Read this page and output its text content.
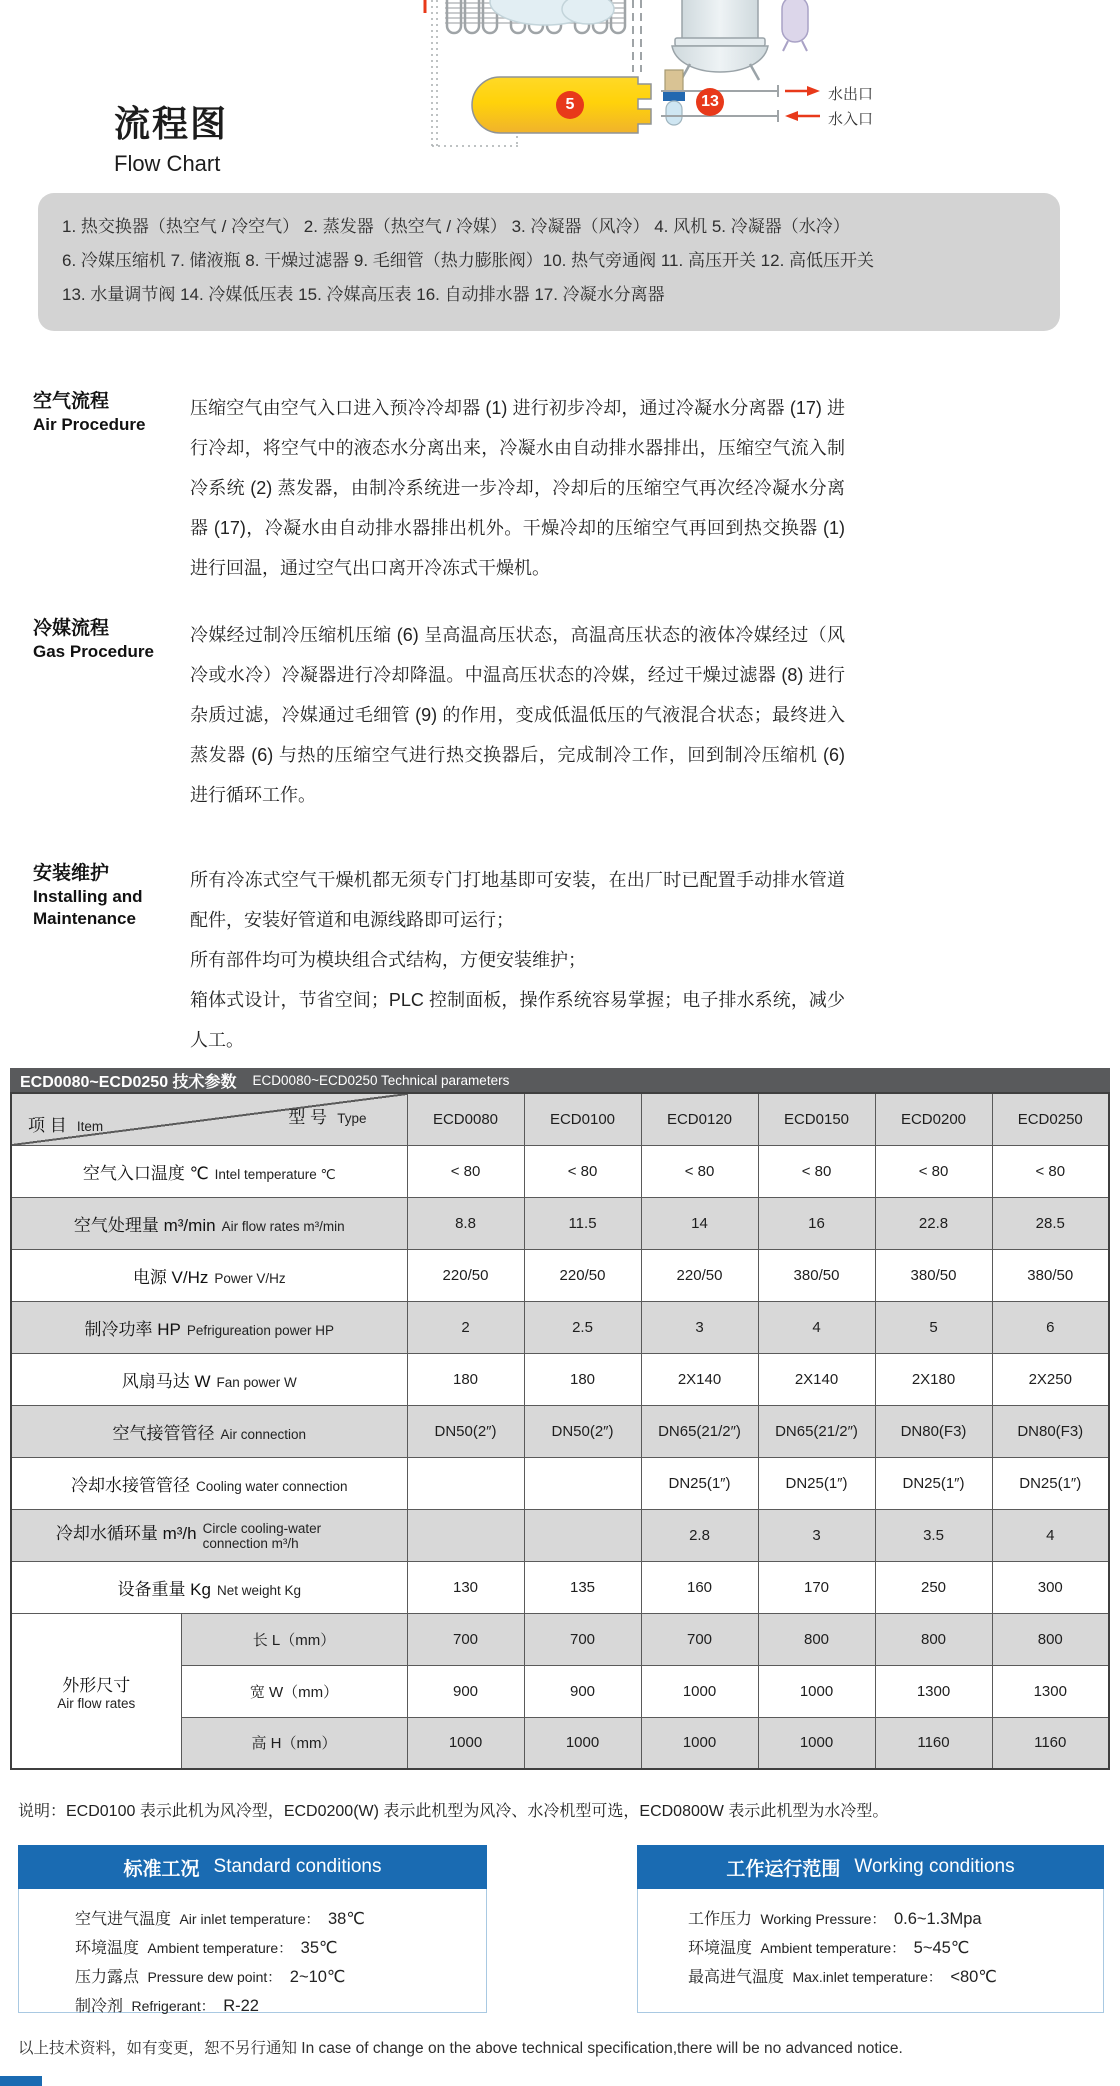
5	13	水出口
水入口
流程图
Flow Chart
1. 热交换器（热空气 / 冷空气） 2. 蒸发器（热空气 / 冷媒） 3. 冷凝器（风冷） 4. 风机 5. 冷凝器（水冷）
6. 冷媒压缩机 7. 储液瓶 8. 干燥过滤器 9. 毛细管（热力膨胀阀）10. 热气旁通阀 11. 高压开关 12. 高低压开关
13. 水量调节阀 14. 冷媒低压表 15. 冷媒高压表 16. 自动排水器 17. 冷凝水分离器
空气流程
Air Procedure
压缩空气由空气入口进入预冷冷却器 (1) 进行初步冷却，通过冷凝水分离器 (17) 进行冷却，将空气中的液态水分离出来，冷凝水由自动排水器排出，压缩空气流入制冷系统 (2) 蒸发器，由制冷系统进一步冷却，冷却后的压缩空气再次经冷凝水分离器 (17)，冷凝水由自动排水器排出机外。干燥冷却的压缩空气再回到热交换器 (1) 进行回温，通过空气出口离开冷冻式干燥机。
冷媒流程
Gas Procedure
冷媒经过制冷压缩机压缩 (6) 呈高温高压状态，高温高压状态的液体冷媒经过（风冷或水冷）冷凝器进行冷却降温。中温高压状态的冷媒，经过干燥过滤器 (8) 进行杂质过滤，冷媒通过毛细管 (9) 的作用，变成低温低压的气液混合状态；最终进入蒸发器 (6) 与热的压缩空气进行热交换器后，完成制冷工作，回到制冷压缩机 (6) 进行循环工作。
安装维护
Installing and Maintenance

所有冷冻式空气干燥机都无须专门打地基即可安装，在出厂时已配置手动排水管道配件，安装好管道和电源线路即可运行；

所有部件均可为模块组合式结构，方便安装维护；

箱体式设计，节省空间；PLC 控制面板，操作系统容易掌握；电子排水系统，减少人工。

ECD0080~ECD0250 技术参数 ECD0080~ECD0250 Technical parameters
型 号 Type
项 目 Item		ECD0080	ECD0100	ECD0120	ECD0150	ECD0200	ECD0250
空气入口温度 ℃ Intel temperature ℃		< 80	< 80	< 80	< 80	< 80	< 80
空气处理量 m³/min Air flow rates m³/min		8.8	11.5	14	16	22.8	28.5
电源 V/Hz Power V/Hz		220/50	220/50	220/50	380/50	380/50	380/50
制冷功率 HP Pefrigureation power HP		2	2.5	3	4	5	6
风扇马达 W Fan power W		180	180	2X140	2X140	2X180	2X250
空气接管管径 Air connection		DN50(2″)	DN50(2″)	DN65(21/2″)	DN65(21/2″)	DN80(F3)	DN80(F3)
冷却水接管管径 Cooling water connection				DN25(1″)	DN25(1″)	DN25(1″)	DN25(1″)
冷却水循环量 m³/h Circle cooling-water connection m³/h				2.8	3	3.5	4
设备重量 Kg Net weight Kg		130	135	160	170	250	300

外形尺寸
Air flow rates	长 L（mm）	700	700	700	800	800	800
	宽 W（mm）	900	900	1000	1000	1300	1300
	高 H（mm）	1000	1000	1000	1000	1160	1160
说明：ECD0100 表示此机为风冷型，ECD0200(W) 表示此机型为风冷、水冷机型可选，ECD0800W 表示此机型为水冷型。
标准工况 Standard conditions
空气进气温度 Air inlet temperature： 38℃
环境温度 Ambient temperature： 35℃
压力露点 Pressure dew point： 2~10℃
制冷剂 Refrigerant： R-22
工作运行范围 Working conditions
工作压力 Working Pressure： 0.6~1.3Mpa
环境温度 Ambient temperature： 5~45℃
最高进气温度 Max.inlet temperature： <80℃
以上技术资料，如有变更，恕不另行通知 In case of change on the above technical specification,there will be no advanced notice.
